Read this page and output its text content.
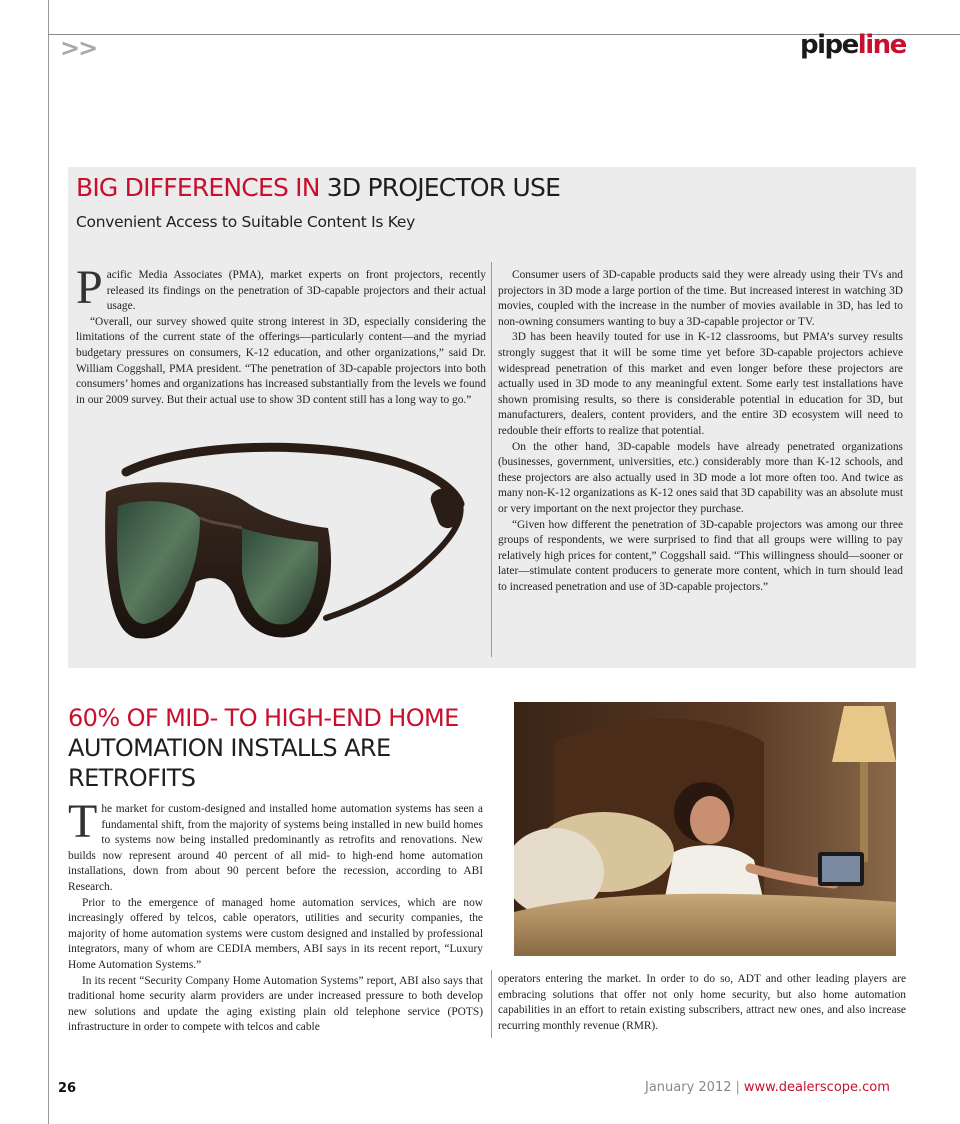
>>	pipeline
BIG DIFFERENCES IN 3D PROJECTOR USE
Convenient Access to Suitable Content Is Key

Pacific Media Associates (PMA), market experts on front projectors, recently released its findings on the penetration of 3D-capable projectors and their actual usage.

“Overall, our survey showed quite strong interest in 3D, especially considering the limitations of the current state of the offerings—particularly content—and the myriad budgetary pressures on consumers, K-12 education, and other organizations,” said Dr. William Coggshall, PMA president. “The penetration of 3D-capable projectors into both consumers’ homes and organizations has increased substantially from the levels we found in our 2009 survey. But their actual use to show 3D content still has a long way to go.”

Consumer users of 3D-capable products said they were already using their TVs and projectors in 3D mode a large portion of the time. But increased interest in watching 3D movies, coupled with the increase in the number of movies available in 3D, has led to non-owning consumers wanting to buy a 3D-capable projector or TV.

3D has been heavily touted for use in K-12 classrooms, but PMA’s survey results strongly suggest that it will be some time yet before 3D-capable projectors achieve widespread penetration of this market and even longer before these projectors are actually used in 3D mode to any meaningful extent. Some early test installations have shown promising results, so there is considerable potential in education for 3D, but manufacturers, dealers, content providers, and the entire 3D ecosystem will need to redouble their efforts to realize that potential.

On the other hand, 3D-capable models have already penetrated organizations (businesses, government, universities, etc.) considerably more than K-12 schools, and these projectors are also actually used in 3D mode a lot more often too. And twice as many non-K-12 organizations as K-12 ones said that 3D capability was an absolute must or very important on the next projector they purchase.

“Given how different the penetration of 3D-capable projectors was among our three groups of respondents, we were surprised to find that all groups were willing to pay relatively high prices for content,” Coggshall said. “This willingness should—sooner or later—stimulate content producers to generate more content, which in turn should lead to increased penetration and use of 3D-capable projectors.”

60% OF MID- TO HIGH-END HOME
AUTOMATION INSTALLS ARE
RETROFITS

The market for custom-designed and installed home automation systems has seen a fundamental shift, from the majority of systems being installed in new build homes to systems now being installed predominantly as retrofits and renovations. New builds now represent around 40 percent of all mid- to high-end home automation installations, down from about 90 percent before the recession, according to ABI Research.

Prior to the emergence of managed home automation services, which are now increasingly offered by telcos, cable operators, utilities and security companies, the majority of home automation systems were custom designed and installed by professional integrators, many of whom are CEDIA members, ABI says in its recent report, “Luxury Home Automation Systems.”

In its recent “Security Company Home Automation Systems” report, ABI also says that traditional home security alarm providers are under increased pressure to both develop new solutions and update the aging existing plain old telephone service (POTS) infrastructure in order to compete with telcos and cable

operators entering the market. In order to do so, ADT and other leading players are embracing solutions that offer not only home security, but also home automation capabilities in an effort to retain existing subscribers, attract new ones, and also increase recurring monthly revenue (RMR).

26	January 2012 | www.dealerscope.com
